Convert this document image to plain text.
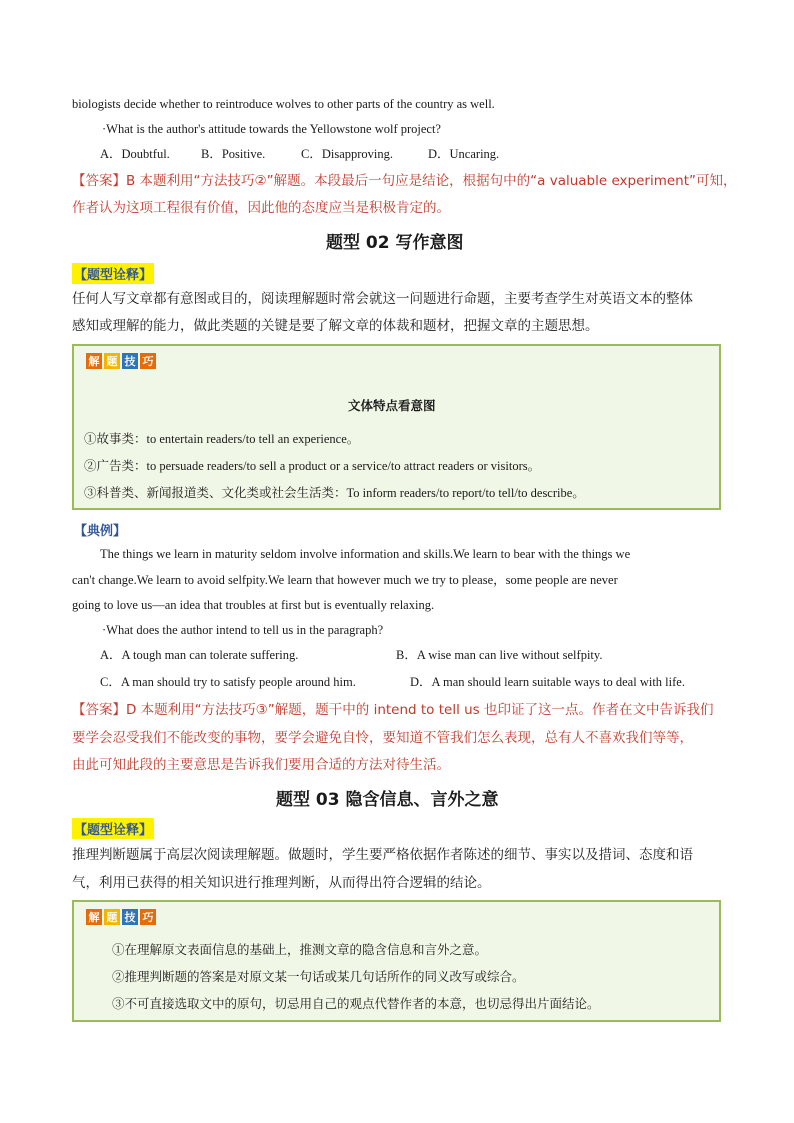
biologists decide whether to reintroduce wolves to other parts of the country as well.
·What is the author's attitude towards the Yellowstone wolf project?
A．Doubtful. B．Positive.	C．Disapproving.	D．Uncaring.
【答案】B 本题利用“方法技巧②”解题。本段最后一句应是结论，根据句中的“a valuable experiment”可知，
作者认为这项工程很有价值，因此他的态度应当是积极肯定的。
题型 02 写作意图
【题型诠释】
任何人写文章都有意图或目的，阅读理解题时常会就这一问题进行命题，主要考查学生对英语文本的整体
感知或理解的能力，做此类题的关键是要了解文章的体裁和题材，把握文章的主题思想。
解 题 技 巧
文体特点看意图
①故事类：to entertain readers/to tell an experience。
②广告类：to persuade readers/to sell a product or a service/to attract readers or visitors。
③科普类、新闻报道类、文化类或社会生活类：To inform readers/to report/to tell/to describe。
【典例】
The things we learn in maturity seldom involve information and skills.We learn to bear with the things we
can't change.We learn to avoid selfpity.We learn that however much we try to please，some people are never
going to love us—an idea that troubles at first but is eventually relaxing.
·What does the author intend to tell us in the paragraph?
A．A tough man can tolerate suffering.	B．A wise man can live without selfpity.
C．A man should try to satisfy people around him.	D．A man should learn suitable ways to deal with life.
【答案】D 本题利用“方法技巧③”解题，题干中的 intend to tell us 也印证了这一点。作者在文中告诉我们
要学会忍受我们不能改变的事物，要学会避免自怜，要知道不管我们怎么表现，总有人不喜欢我们等等，
由此可知此段的主要意思是告诉我们要用合适的方法对待生活。
题型 03 隐含信息、言外之意
【题型诠释】
推理判断题属于高层次阅读理解题。做题时，学生要严格依据作者陈述的细节、事实以及措词、态度和语
气，利用已获得的相关知识进行推理判断，从而得出符合逻辑的结论。
解 题 技 巧
①在理解原文表面信息的基础上，推测文章的隐含信息和言外之意。
②推理判断题的答案是对原文某一句话或某几句话所作的同义改写或综合。
③不可直接选取文中的原句，切忌用自己的观点代替作者的本意，也切忌得出片面结论。
